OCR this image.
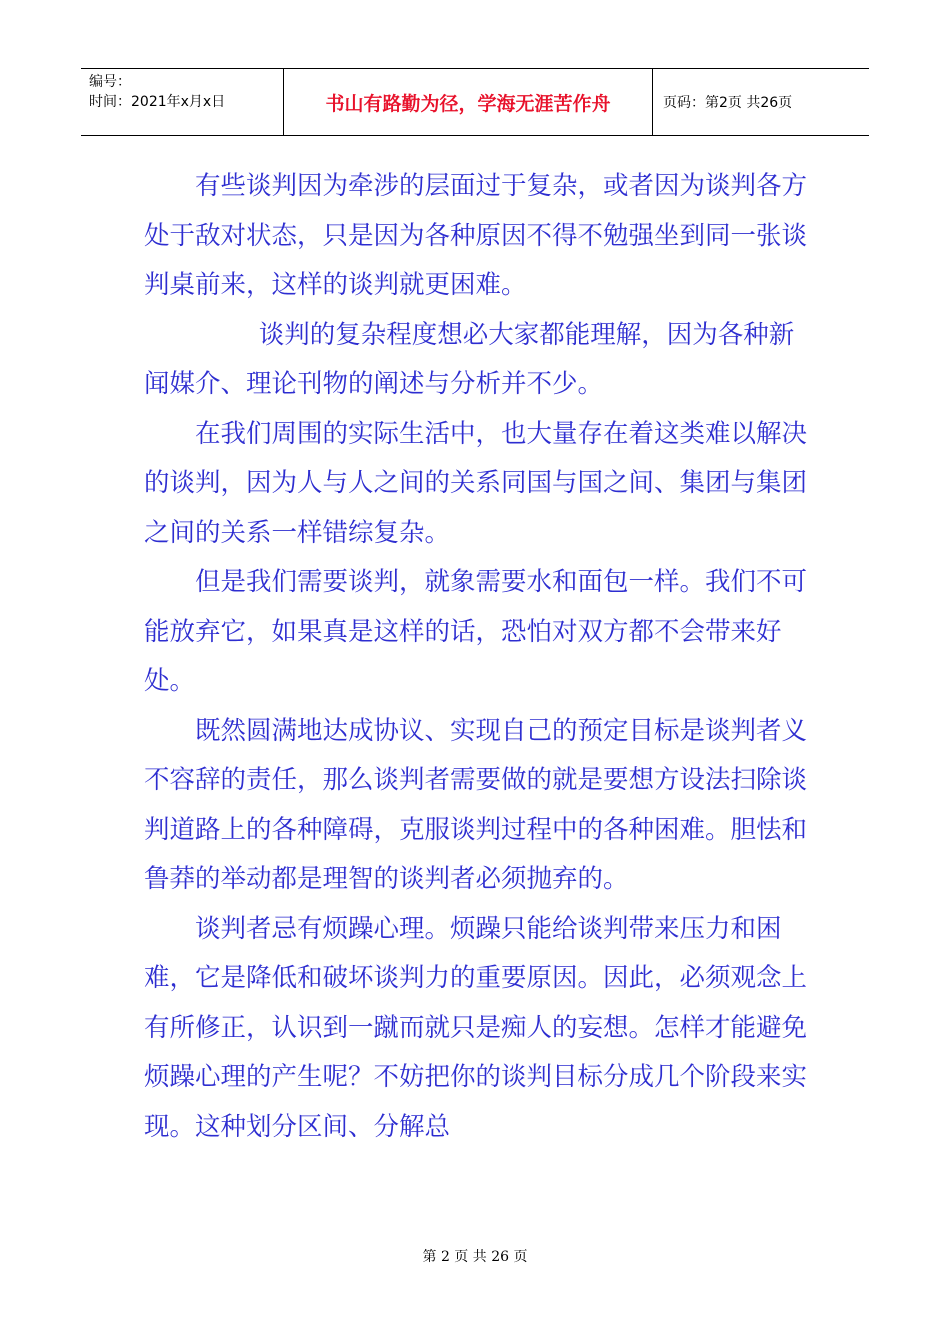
编号：
时间：2021年x月x日	书山有路勤为径，学海无涯苦作舟	页码：第2页 共26页

有些谈判因为牵涉的层面过于复杂，或者因为谈判各方处于敌对状态，只是因为各种原因不得不勉强坐到同一张谈判桌前来，这样的谈判就更困难。

谈判的复杂程度想必大家都能理解，因为各种新闻媒介、理论刊物的阐述与分析并不少。

在我们周围的实际生活中，也大量存在着这类难以解决的谈判，因为人与人之间的关系同国与国之间、集团与集团之间的关系一样错综复杂。

但是我们需要谈判，就象需要水和面包一样。我们不可能放弃它，如果真是这样的话，恐怕对双方都不会带来好处。

既然圆满地达成协议、实现自己的预定目标是谈判者义不容辞的责任，那么谈判者需要做的就是要想方设法扫除谈判道路上的各种障碍，克服谈判过程中的各种困难。胆怯和鲁莽的举动都是理智的谈判者必须抛弃的。

谈判者忌有烦躁心理。烦躁只能给谈判带来压力和困难，它是降低和破坏谈判力的重要原因。因此，必须观念上有所修正，认识到一蹴而就只是痴人的妄想。怎样才能避免烦躁心理的产生呢？不妨把你的谈判目标分成几个阶段来实现。这种划分区间、分解总

第 2 页 共 26 页
